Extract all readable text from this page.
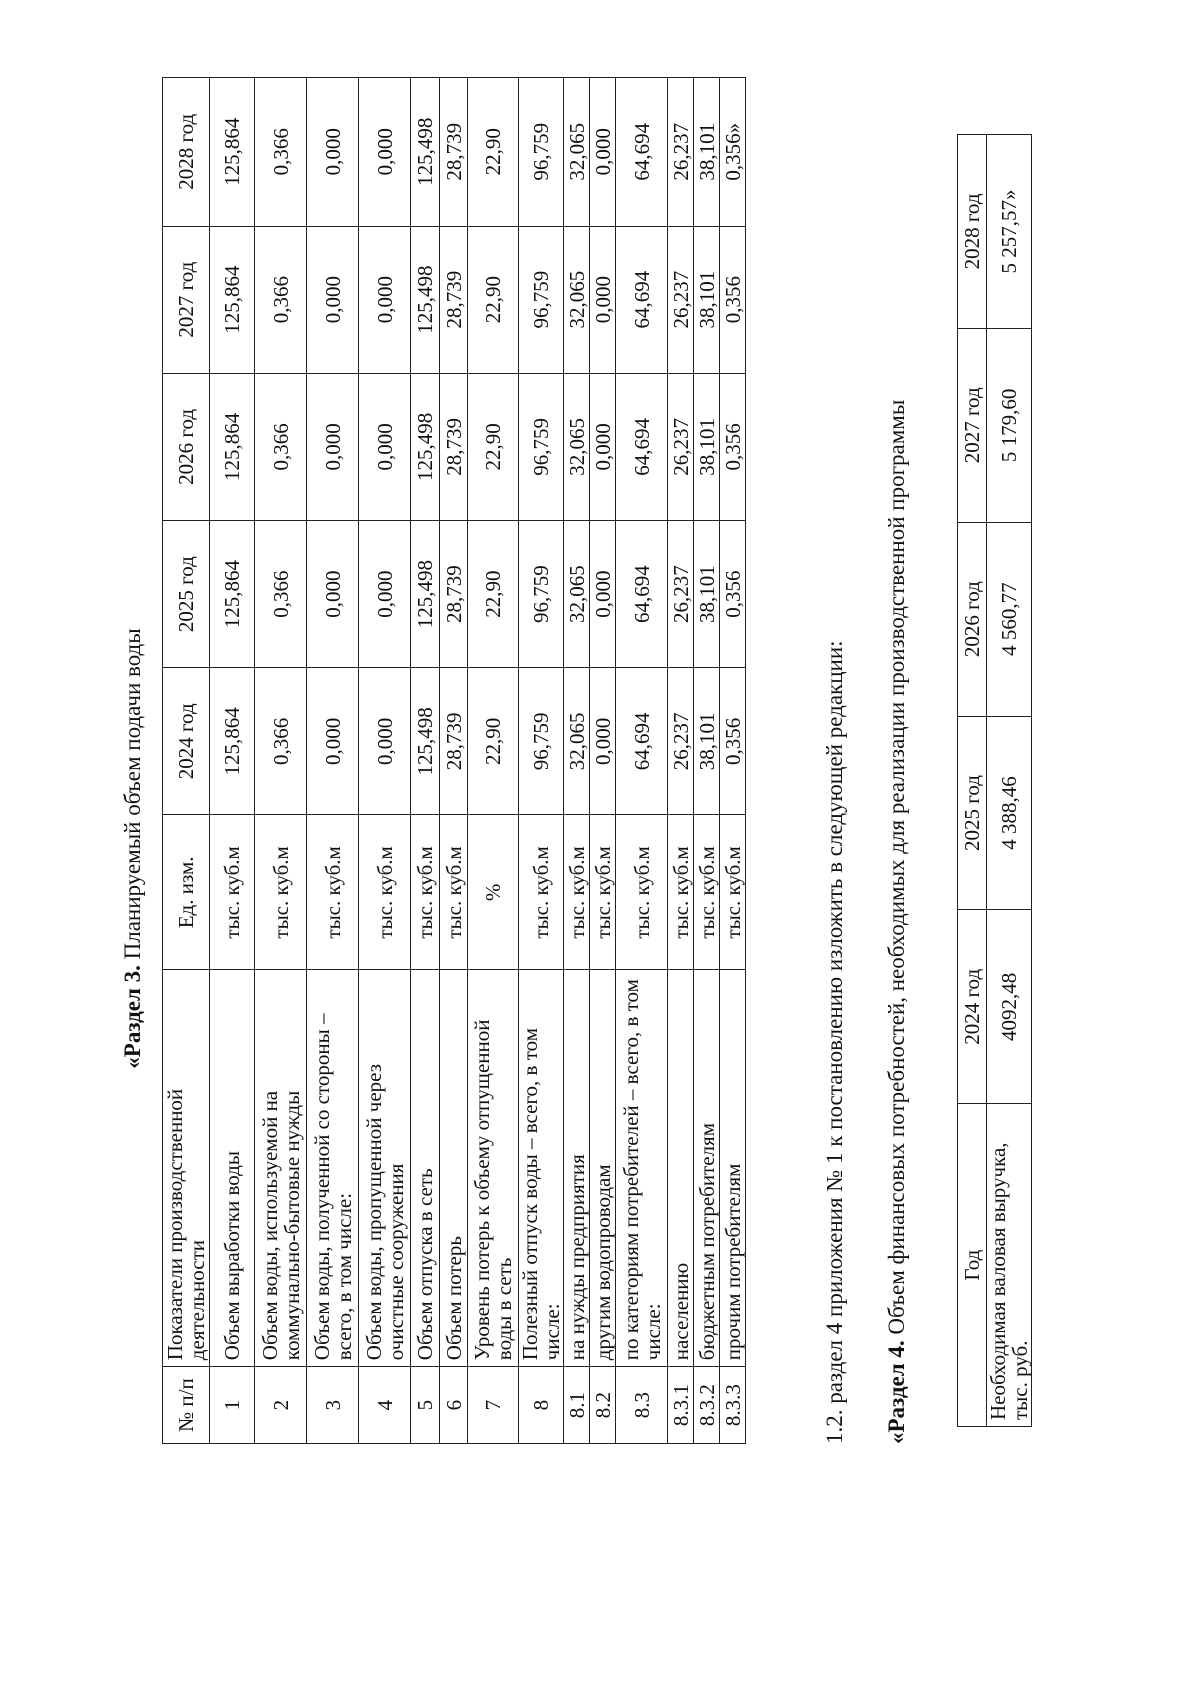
«Раздел 3. Планируемый объем подачи воды
№ п/п	Показатели производственной деятельности	Ед. изм.	2024 год	2025 год	2026 год	2027 год	2028 год
1	Объем выработки воды	тыс. куб.м	125,864	125,864	125,864	125,864	125,864
2	Объем воды, используемой на коммунально-бытовые нужды	тыс. куб.м	0,366	0,366	0,366	0,366	0,366
3	Объем воды, полученной со стороны – всего, в том числе:	тыс. куб.м	0,000	0,000	0,000	0,000	0,000
4	Объем воды, пропущенной через очистные сооружения	тыс. куб.м	0,000	0,000	0,000	0,000	0,000
5	Объем отпуска в сеть	тыс. куб.м	125,498	125,498	125,498	125,498	125,498
6	Объем потерь	тыс. куб.м	28,739	28,739	28,739	28,739	28,739
7	Уровень потерь к объему отпущенной воды в сеть	%	22,90	22,90	22,90	22,90	22,90
8	Полезный отпуск воды – всего, в том числе:	тыс. куб.м	96,759	96,759	96,759	96,759	96,759
8.1	на нужды предприятия	тыс. куб.м	32,065	32,065	32,065	32,065	32,065
8.2	другим водопроводам	тыс. куб.м	0,000	0,000	0,000	0,000	0,000
8.3	по категориям потребителей – всего, в том числе:	тыс. куб.м	64,694	64,694	64,694	64,694	64,694
8.3.1	населению	тыс. куб.м	26,237	26,237	26,237	26,237	26,237
8.3.2	бюджетным потребителям	тыс. куб.м	38,101	38,101	38,101	38,101	38,101
8.3.3	прочим потребителям	тыс. куб.м	0,356	0,356	0,356	0,356	0,356»
1.2. раздел 4 приложения № 1 к постановлению изложить в следующей редакции: «Раздел 4. Объем финансовых потребностей, необходимых для реализации производственной программы Год	2024 год	2025 год	2026 год	2027 год	2028 год
Необходимая валовая выручка, тыс. руб.	4092,48	4 388,46	4 560,77	5 179,60	5 257,57»
